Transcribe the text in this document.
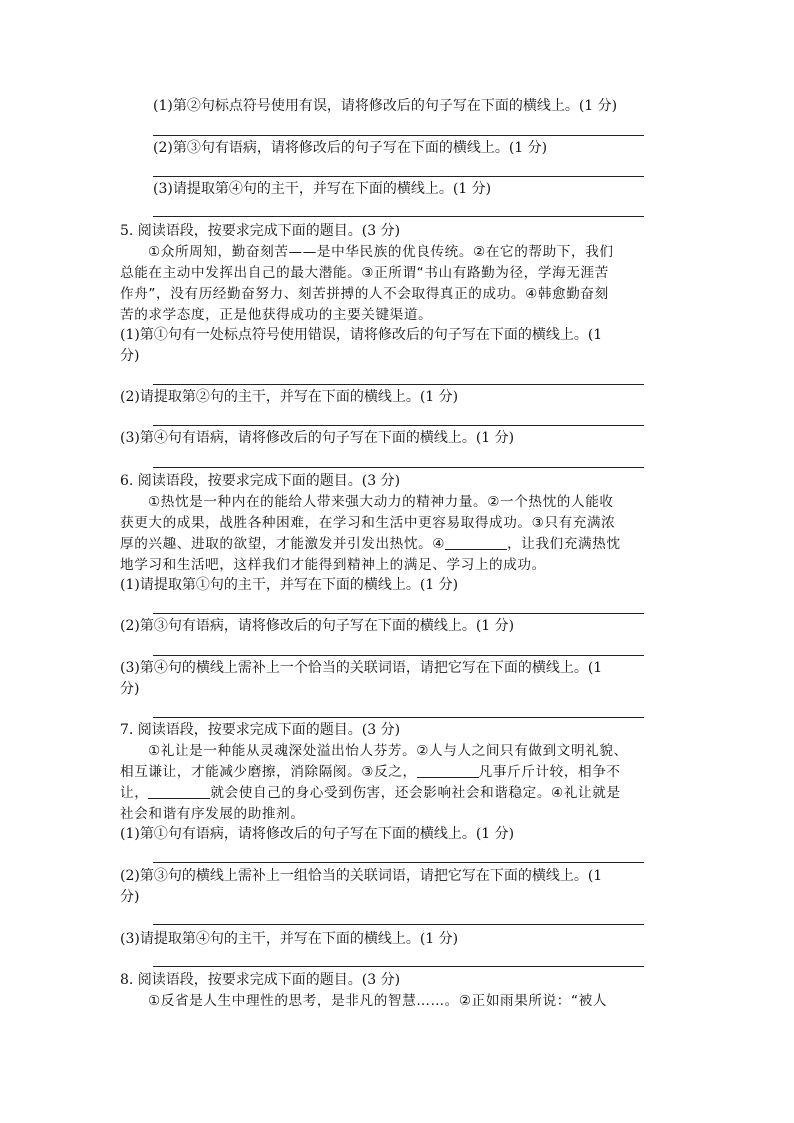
(1)第②句标点符号使用有误，请将修改后的句子写在下面的横线上。(1 分)
(2)第③句有语病，请将修改后的句子写在下面的横线上。(1 分)
(3)请提取第④句的主干，并写在下面的横线上。(1 分)
5. 阅读语段，按要求完成下面的题目。(3 分)
①众所周知，勤奋刻苦——是中华民族的优良传统。②在它的帮助下，我们
总能在主动中发挥出自己的最大潜能。③正所谓“书山有路勤为径，学海无涯苦
作舟”，没有历经勤奋努力、刻苦拼搏的人不会取得真正的成功。④韩愈勤奋刻
苦的求学态度，正是他获得成功的主要关键渠道。
(1)第①句有一处标点符号使用错误，请将修改后的句子写在下面的横线上。(1
分)
(2)请提取第②句的主干，并写在下面的横线上。(1 分)
(3)第④句有语病，请将修改后的句子写在下面的横线上。(1 分)
6. 阅读语段，按要求完成下面的题目。(3 分)
①热忱是一种内在的能给人带来强大动力的精神力量。②一个热忱的人能收
获更大的成果，战胜各种困难，在学习和生活中更容易取得成功。③只有充满浓
厚的兴趣、进取的欲望，才能激发并引发出热忱。④	，让我们充满热忱
地学习和生活吧，这样我们才能得到精神上的满足、学习上的成功。
(1)请提取第①句的主干，并写在下面的横线上。(1 分)
(2)第③句有语病，请将修改后的句子写在下面的横线上。(1 分)
(3)第④句的横线上需补上一个恰当的关联词语，请把它写在下面的横线上。(1
分)
7. 阅读语段，按要求完成下面的题目。(3 分)
①礼让是一种能从灵魂深处溢出怡人芬芳。②人与人之间只有做到文明礼貌、
相互谦让，才能减少磨擦，消除隔阂。③反之，	凡事斤斤计较，相争不
让，	就会使自己的身心受到伤害，还会影响社会和谐稳定。④礼让就是
社会和谐有序发展的助推剂。
(1)第①句有语病，请将修改后的句子写在下面的横线上。(1 分)
(2)第③句的横线上需补上一组恰当的关联词语，请把它写在下面的横线上。(1
分)
(3)请提取第④句的主干，并写在下面的横线上。(1 分)
8. 阅读语段，按要求完成下面的题目。(3 分)
①反省是人生中理性的思考，是非凡的智慧……。②正如雨果所说：“被人
